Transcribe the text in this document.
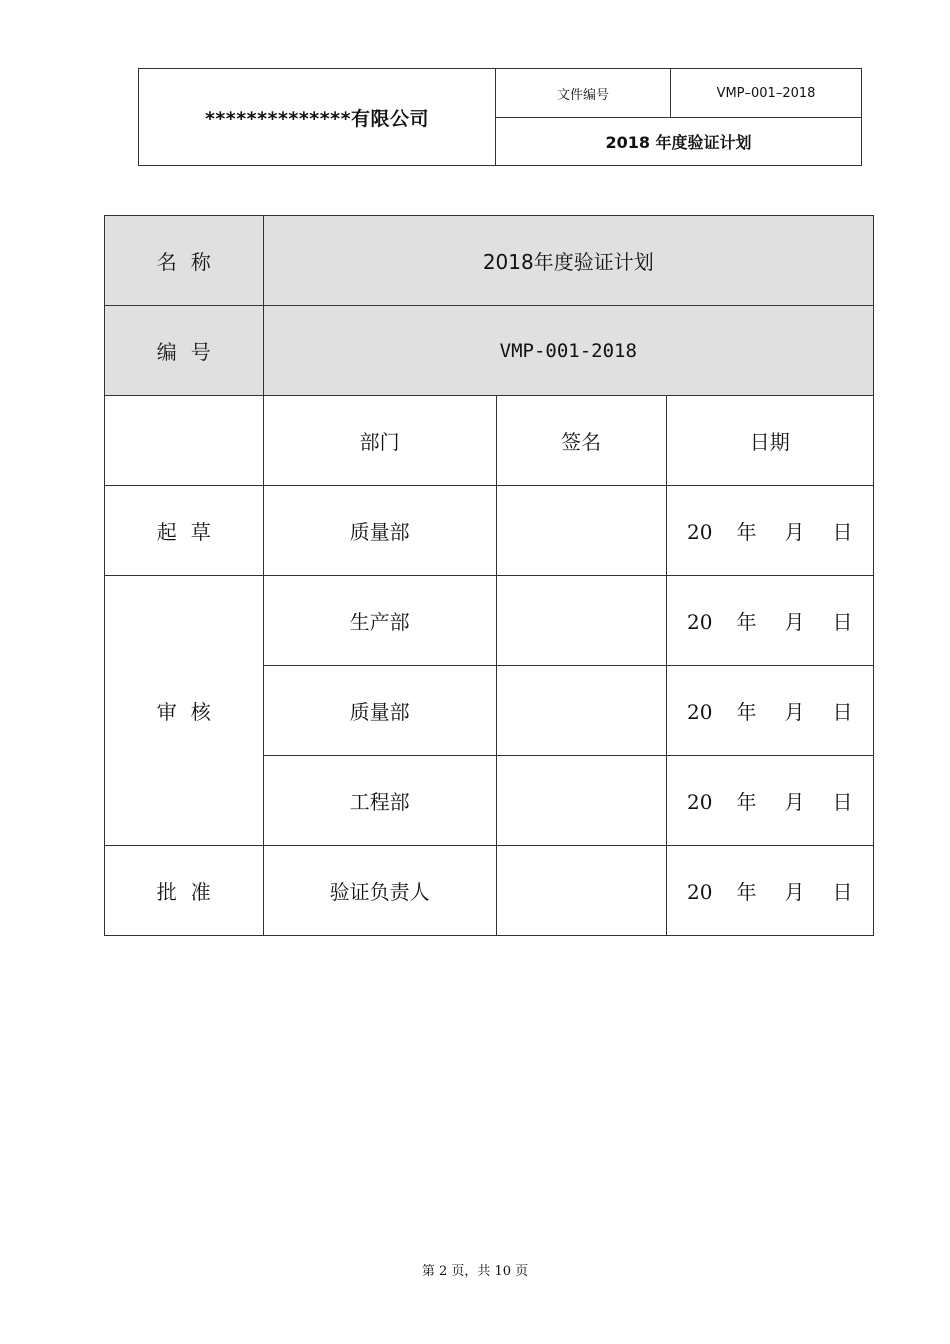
**************有限公司	文件编号	VMP–001–2018
2018 年度验证计划
名称	2018年度验证计划		
编号	VMP-001-2018		
	部门	签名	日期
起草	质量部		20 年 月 日
审核	生产部		20 年 月 日
	质量部		20 年 月 日
	工程部		20 年 月 日
批准	验证负责人		20 年 月 日
第 2 页，共 10 页
